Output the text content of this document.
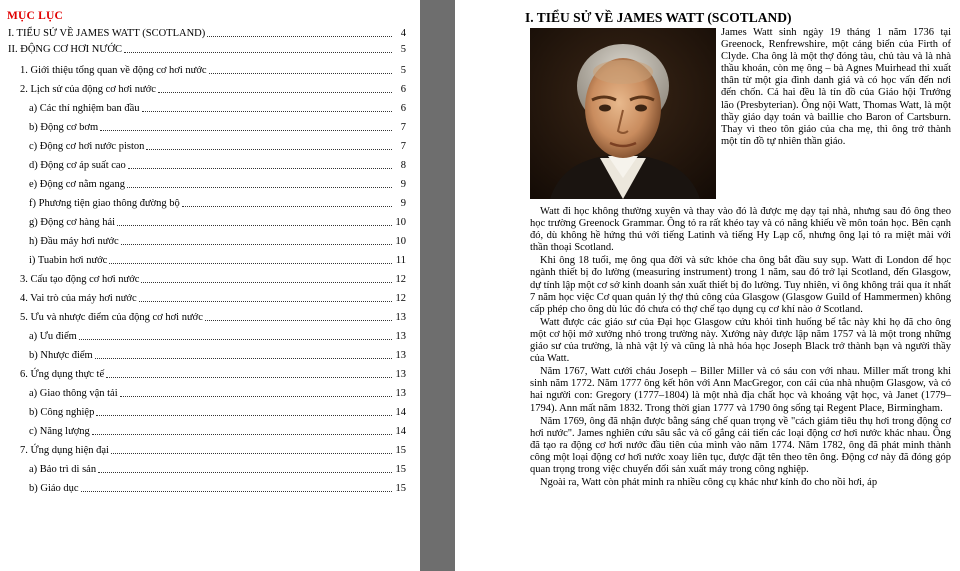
MỤC LỤC
I. TIỂU SỬ VỀ JAMES WATT (SCOTLAND)	4
II. ĐỘNG CƠ HƠI NƯỚC	5
1. Giới thiệu tổng quan về động cơ hơi nước	5
2. Lịch sử của động cơ hơi nước	6
a) Các thí nghiệm ban đầu	6
b) Động cơ bơm	7
c) Động cơ hơi nước piston	7
d) Động cơ áp suất cao	8
e) Động cơ nằm ngang	9
f) Phương tiện giao thông đường bộ	9
g) Động cơ hàng hải	10
h) Đầu máy hơi nước	10
i) Tuabin hơi nước	11
3. Cấu tạo động cơ hơi nước	12
4. Vai trò của máy hơi nước	12
5. Ưu và nhược điểm của động cơ hơi nước	13
a) Ưu điểm	13
b) Nhược điểm	13
6. Ứng dụng thực tế	13
a) Giao thông vận tải	13
b) Công nghiệp	14
c) Năng lượng	14
7. Ứng dụng hiện đại	15
a) Bảo trì di sản	15
b) Giáo dục	15
I. TIỂU SỬ VỀ JAMES WATT (SCOTLAND)
James Watt sinh ngày 19 tháng 1 năm 1736 tại Greenock, Renfrewshire, một cảng biển của Firth of Clyde. Cha ông là một thợ đóng tàu, chủ tàu và là nhà thầu khoán, còn mẹ ông – bà Agnes Muirhead thì xuất thân từ một gia đình danh giá và có học vấn đến nơi đến chốn. Cả hai đều là tín đồ của Giáo hội Trưởng lão (Presbyterian). Ông nội Watt, Thomas Watt, là một thầy giáo dạy toán và baillie cho Baron of Cartsburn. Thay vì theo tôn giáo của cha mẹ, thì ông trở thành một tín đồ tự nhiên thần giáo.

Watt đi học không thường xuyên và thay vào đó là được mẹ dạy tại nhà, nhưng sau đó ông theo học trường Greenock Grammar. Ông tỏ ra rất khéo tay và có năng khiếu về môn toán học. Bên cạnh đó, dù không hề hứng thú với tiếng Latinh và tiếng Hy Lạp cổ, nhưng ông lại tỏ ra miệt mài với thần thoại Scotland.

Khi ông 18 tuổi, mẹ ông qua đời và sức khỏe cha ông bắt đầu suy sụp. Watt đi London để học ngành thiết bị đo lường (measuring instrument) trong 1 năm, sau đó trở lại Scotland, đến Glasgow, dự tính lập một cơ sở kinh doanh sản xuất thiết bị đo lường. Tuy nhiên, vì ông không trải qua ít nhất 7 năm học việc Cơ quan quản lý thợ thủ công của Glasgow (Glasgow Guild of Hammermen) không cấp phép cho ông dù lúc đó chưa có thợ chế tạo dụng cụ cơ khí nào ở Scotland.

Watt được các giáo sư của Đại học Glasgow cứu khỏi tình huống bế tắc này khi họ đã cho ông một cơ hội mở xưởng nhỏ trong trường này. Xưởng này được lập năm 1757 và là một trong những giáo sư của trường, là nhà vật lý và cũng là nhà hóa học Joseph Black trở thành bạn và người thầy của Watt.

Năm 1767, Watt cưới cháu Joseph – Biller Miller và có sáu con với nhau. Miller mất trong khi sinh năm 1772. Năm 1777 ông kết hôn với Ann MacGregor, con cái của nhà nhuộm Glasgow, và có hai người con: Gregory (1777–1804) là một nhà địa chất học và khoáng vật học, và Janet (1779–1794). Ann mất năm 1832. Trong thời gian 1777 và 1790 ông sống tại Regent Place, Birmingham.

Năm 1769, ông đã nhận được bằng sáng chế quan trọng về "cách giảm tiêu thụ hơi trong động cơ hơi nước". James nghiên cứu sâu sắc và cố gắng cải tiến các loại động cơ hơi nước khác nhau. Ông đã tạo ra động cơ hơi nước đầu tiên của mình vào năm 1774. Năm 1782, ông đã phát minh thành công một loại động cơ hơi nước xoay liên tục, được đặt tên theo tên ông. Động cơ này đã đóng góp quan trọng trong việc chuyển đổi sản xuất máy trong công nghiệp.

Ngoài ra, Watt còn phát minh ra nhiều công cụ khác như kính đo cho nồi hơi, áp
